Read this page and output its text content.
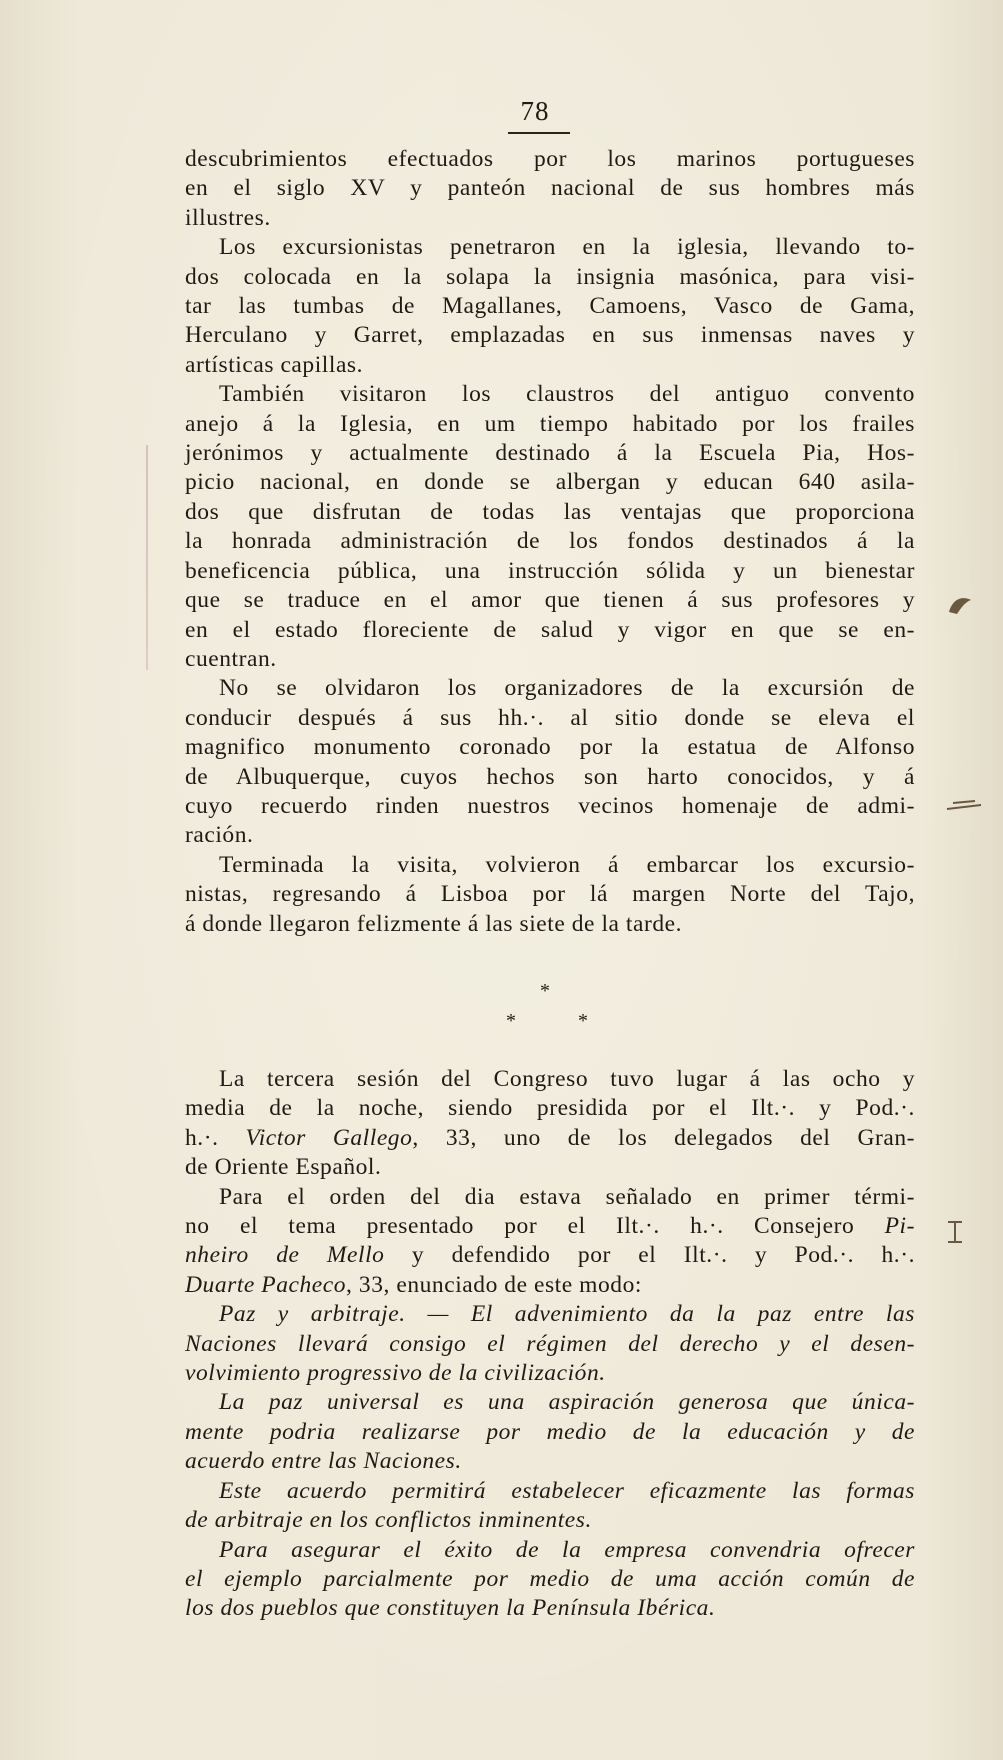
78
descubrimientos efectuados por los marinos portugueses
en el siglo XV y panteón nacional de sus hombres más
illustres.
Los excursionistas penetraron en la iglesia, llevando to-
dos colocada en la solapa la insignia masónica, para visi-
tar las tumbas de Magallanes, Camoens, Vasco de Gama,
Herculano y Garret, emplazadas en sus inmensas naves y
artísticas capillas.
También visitaron los claustros del antiguo convento
anejo á la Iglesia, en um tiempo habitado por los frailes
jerónimos y actualmente destinado á la Escuela Pia, Hos-
picio nacional, en donde se albergan y educan 640 asila-
dos que disfrutan de todas las ventajas que proporciona
la honrada administración de los fondos destinados á la
beneficencia pública, una instrucción sólida y un bienestar
que se traduce en el amor que tienen á sus profesores y
en el estado floreciente de salud y vigor en que se en-
cuentran.
No se olvidaron los organizadores de la excursión de
conducir después á sus hh.·. al sitio donde se eleva el
magnifico monumento coronado por la estatua de Alfonso
de Albuquerque, cuyos hechos son harto conocidos, y á
cuyo recuerdo rinden nuestros vecinos homenaje de admi-
ración.
Terminada la visita, volvieron á embarcar los excursio-
nistas, regresando á Lisboa por lá margen Norte del Tajo,
á donde llegaron felizmente á las siete de la tarde.
*
*	*
La tercera sesión del Congreso tuvo lugar á las ocho y
media de la noche, siendo presidida por el Ilt.·. y Pod.·.
h.·. Victor Gallego, 33, uno de los delegados del Gran-
de Oriente Español.
Para el orden del dia estava señalado en primer térmi-
no el tema presentado por el Ilt.·. h.·. Consejero Pi-
nheiro de Mello y defendido por el Ilt.·. y Pod.·. h.·.
Duarte Pacheco, 33, enunciado de este modo:
Paz y arbitraje. — El advenimiento da la paz entre las
Naciones llevará consigo el régimen del derecho y el desen-
volvimiento progressivo de la civilización.
La paz universal es una aspiración generosa que única-
mente podria realizarse por medio de la educación y de
acuerdo entre las Naciones.
Este acuerdo permitirá estabelecer eficazmente las formas
de arbitraje en los conflictos inminentes.
Para asegurar el éxito de la empresa convendria ofrecer
el ejemplo parcialmente por medio de uma acción común de
los dos pueblos que constituyen la Península Ibérica.
